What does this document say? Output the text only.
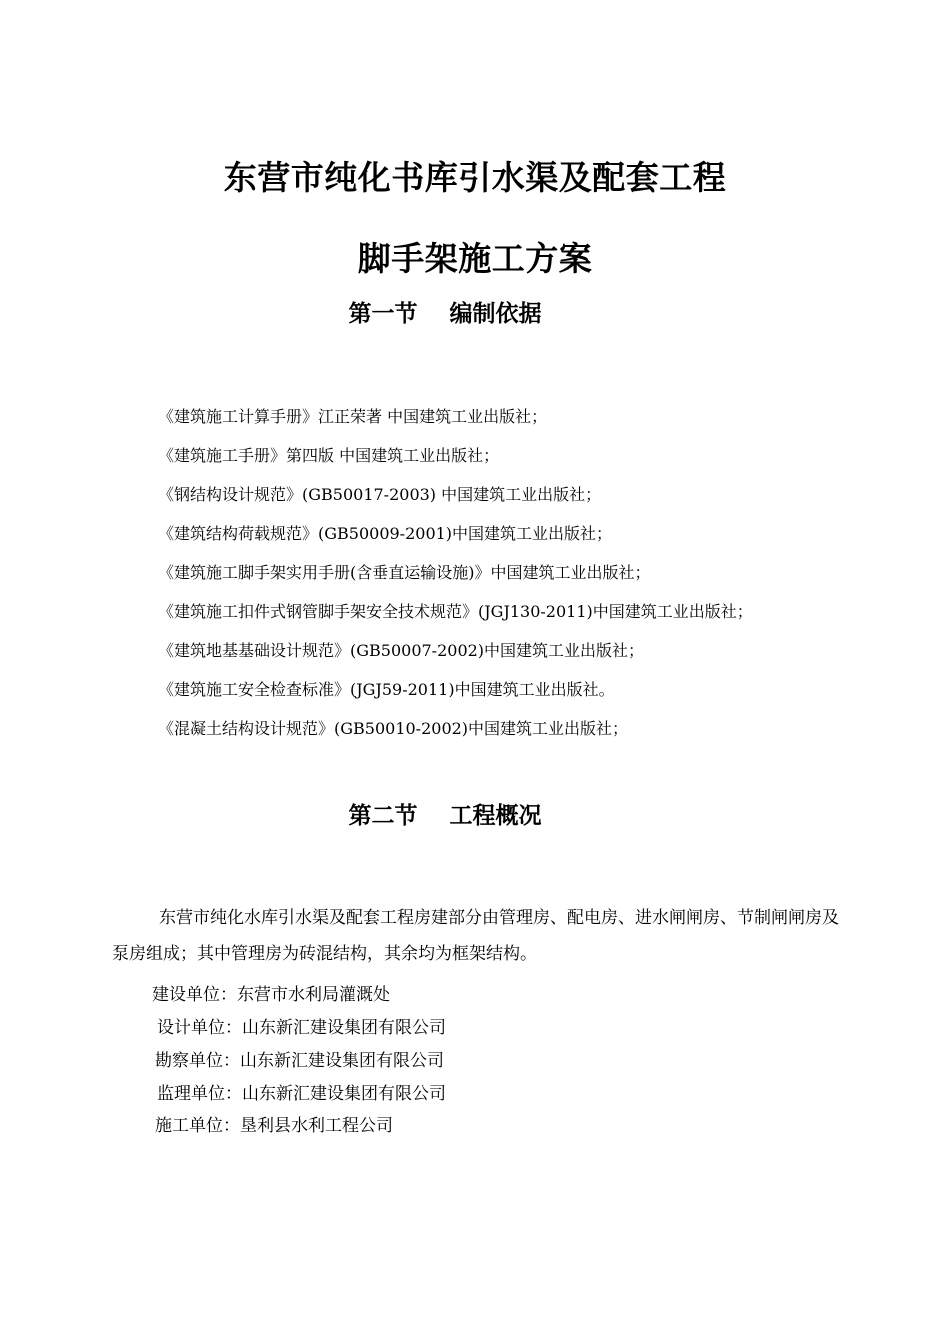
东营市纯化书库引水渠及配套工程
脚手架施工方案
第一节 编制依据
《建筑施工计算手册》江正荣著 中国建筑工业出版社；
《建筑施工手册》第四版 中国建筑工业出版社；
《钢结构设计规范》(GB50017-2003) 中国建筑工业出版社；
《建筑结构荷载规范》(GB50009-2001)中国建筑工业出版社；
《建筑施工脚手架实用手册(含垂直运输设施)》中国建筑工业出版社；
《建筑施工扣件式钢管脚手架安全技术规范》(JGJ130-2011)中国建筑工业出版社；
《建筑地基基础设计规范》(GB50007-2002)中国建筑工业出版社；
《建筑施工安全检查标准》(JGJ59-2011)中国建筑工业出版社。
《混凝土结构设计规范》(GB50010-2002)中国建筑工业出版社；
第二节 工程概况

东营市纯化水库引水渠及配套工程房建部分由管理房、配电房、进水闸闸房、节制闸闸房及泵房组成；其中管理房为砖混结构，其余均为框架结构。

建设单位：东营市水利局灌溉处
设计单位：山东新汇建设集团有限公司
勘察单位：山东新汇建设集团有限公司
监理单位：山东新汇建设集团有限公司
施工单位：垦利县水利工程公司
